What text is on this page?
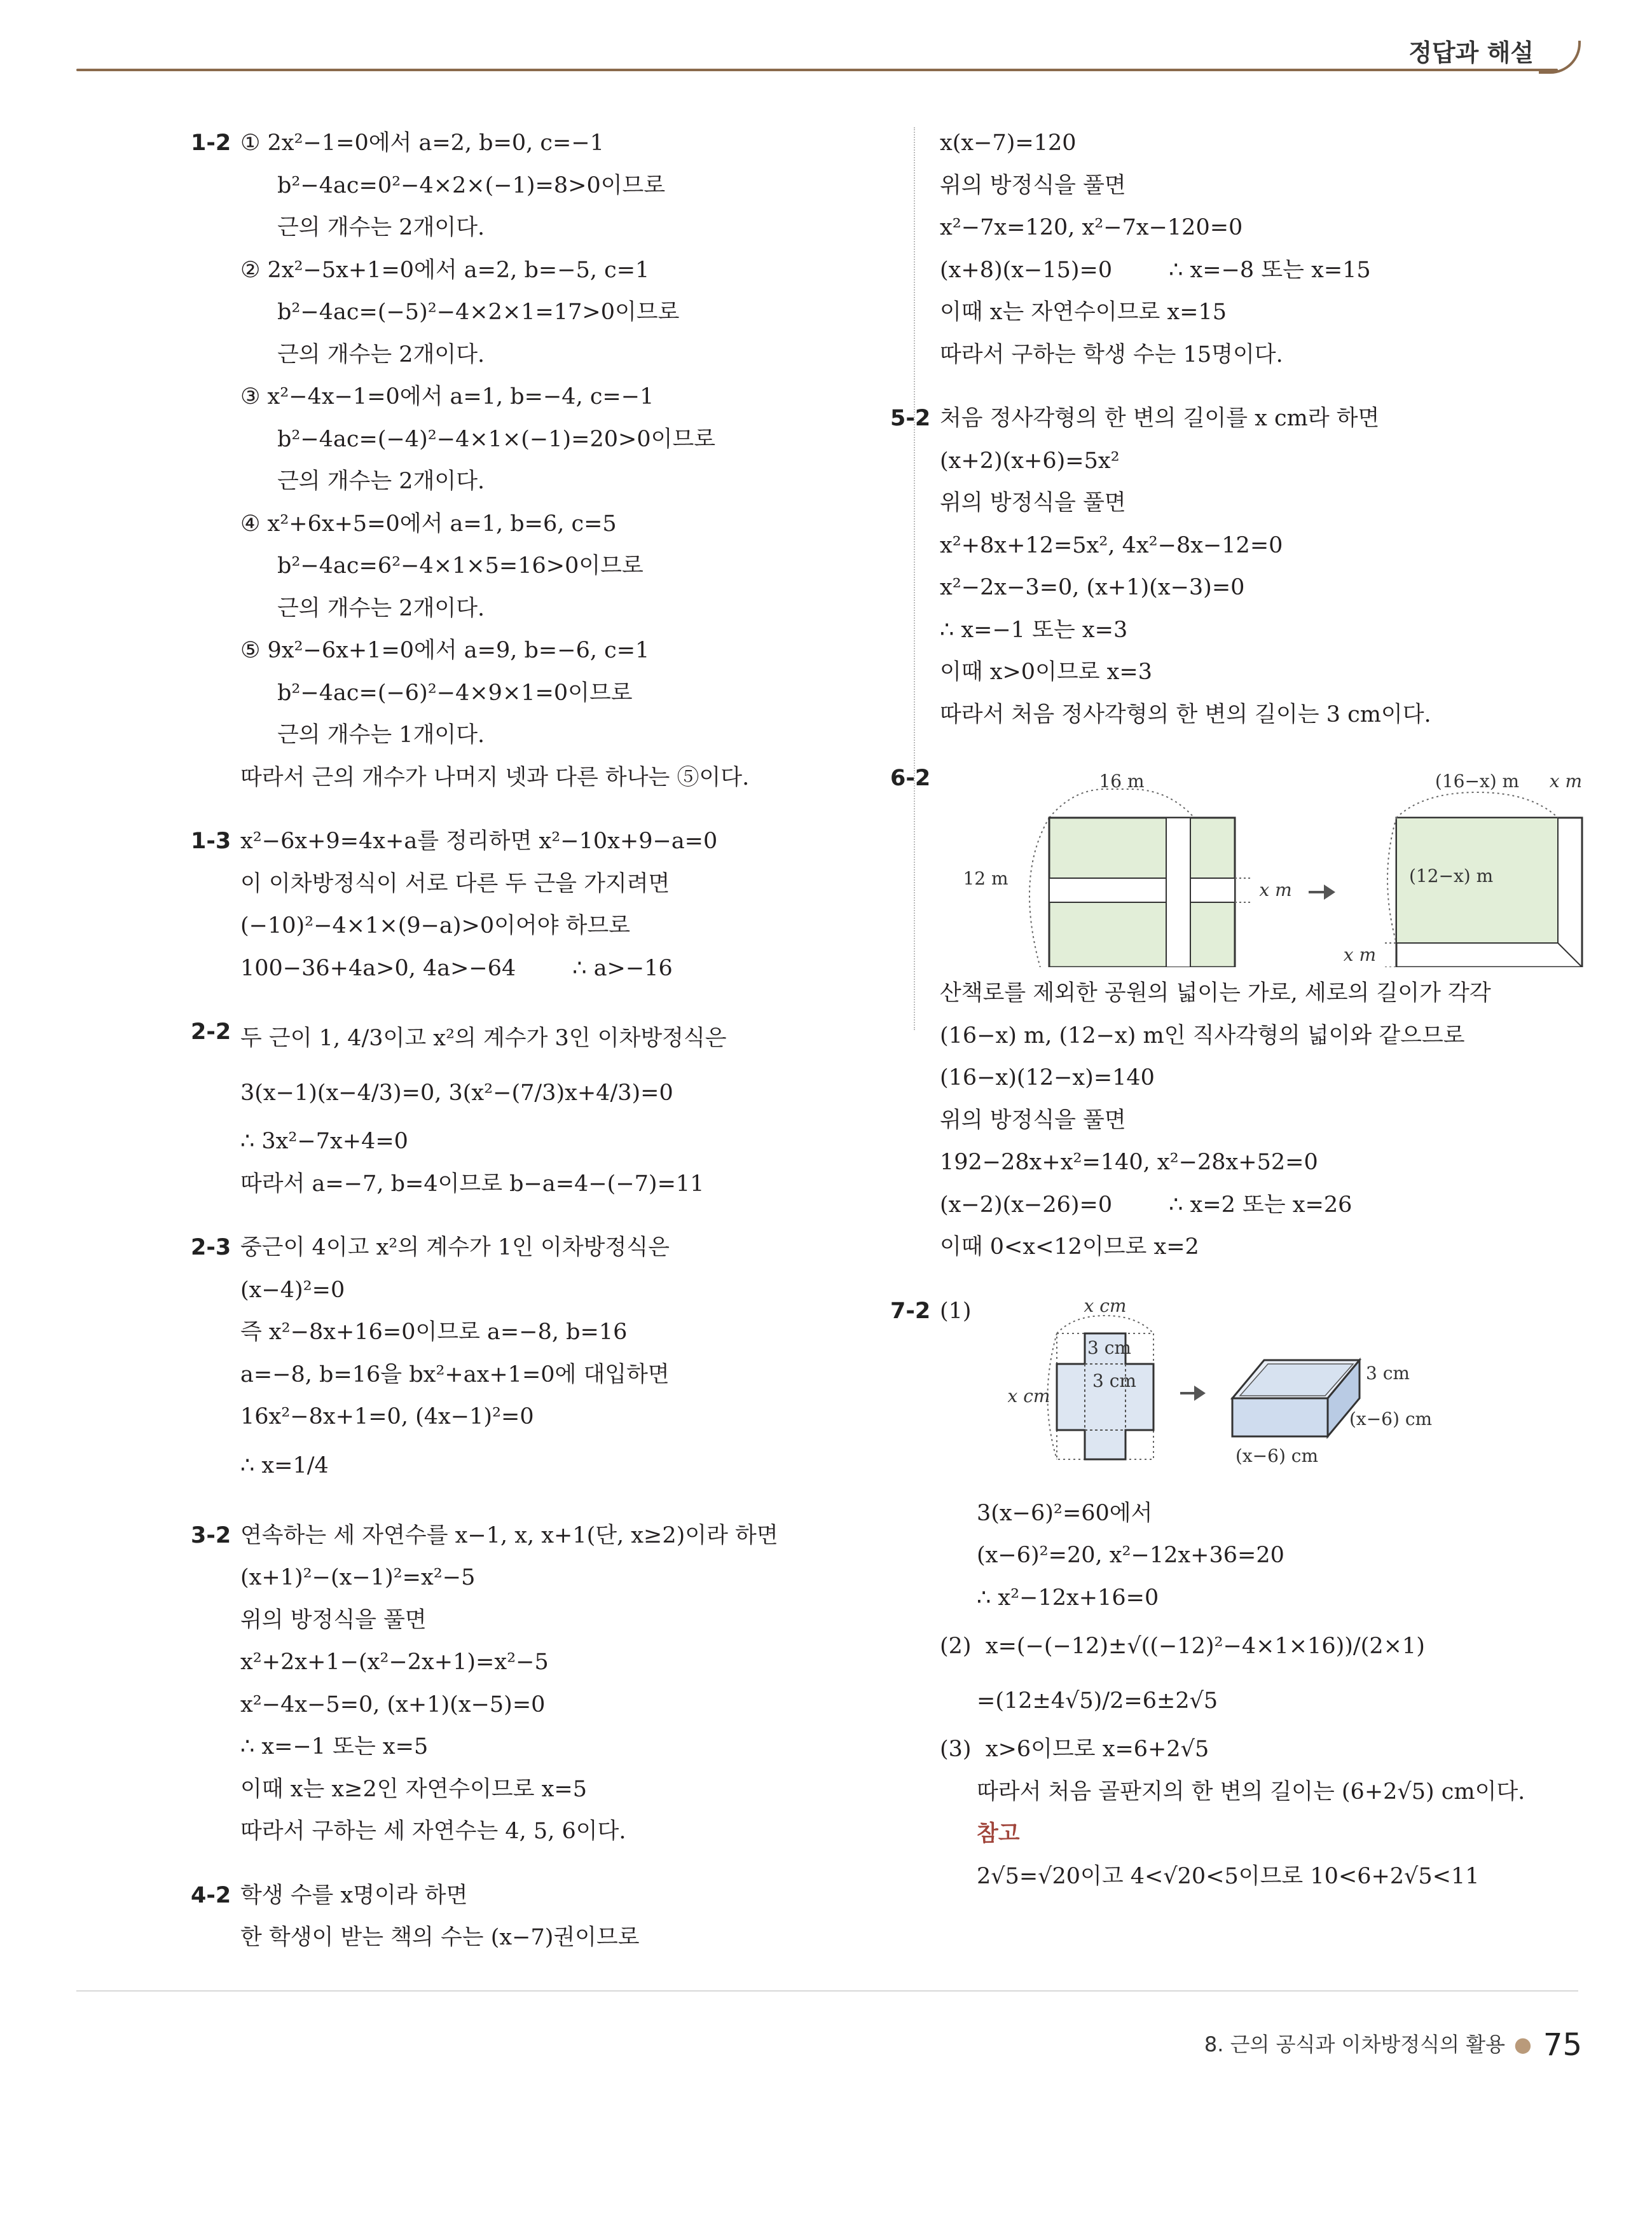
정답과 해설
1-2 ① 2x²−1=0에서 a=2, b=0, c=−1
b²−4ac=0²−4×2×(−1)=8>0이므로
근의 개수는 2개이다.
② 2x²−5x+1=0에서 a=2, b=−5, c=1
b²−4ac=(−5)²−4×2×1=17>0이므로
근의 개수는 2개이다.
③ x²−4x−1=0에서 a=1, b=−4, c=−1
b²−4ac=(−4)²−4×1×(−1)=20>0이므로
근의 개수는 2개이다.
④ x²+6x+5=0에서 a=1, b=6, c=5
b²−4ac=6²−4×1×5=16>0이므로
근의 개수는 2개이다.
⑤ 9x²−6x+1=0에서 a=9, b=−6, c=1
b²−4ac=(−6)²−4×9×1=0이므로
근의 개수는 1개이다.
따라서 근의 개수가 나머지 넷과 다른 하나는 ⑤이다.
1-3 x²−6x+9=4x+a를 정리하면 x²−10x+9−a=0
이 이차방정식이 서로 다른 두 근을 가지려면
(−10)²−4×1×(9−a)>0이어야 하므로
100−36+4a>0, 4a>−64        ∴ a>−16
2-2 두 근이 1, 4/3이고 x²의 계수가 3인 이차방정식은
3(x−1)(x−4/3)=0, 3(x²−(7/3)x+4/3)=0
∴ 3x²−7x+4=0
따라서 a=−7, b=4이므로 b−a=4−(−7)=11
2-3 중근이 4이고 x²의 계수가 1인 이차방정식은
(x−4)²=0
즉 x²−8x+16=0이므로 a=−8, b=16
a=−8, b=16을 bx²+ax+1=0에 대입하면
16x²−8x+1=0, (4x−1)²=0
∴ x=1/4
3-2 연속하는 세 자연수를 x−1, x, x+1(단, x≥2)이라 하면
(x+1)²−(x−1)²=x²−5
위의 방정식을 풀면
x²+2x+1−(x²−2x+1)=x²−5
x²−4x−5=0, (x+1)(x−5)=0
∴ x=−1 또는 x=5
이때 x는 x≥2인 자연수이므로 x=5
따라서 구하는 세 자연수는 4, 5, 6이다.
4-2 학생 수를 x명이라 하면
한 학생이 받는 책의 수는 (x−7)권이므로
x(x−7)=120
위의 방정식을 풀면
x²−7x=120, x²−7x−120=0
(x+8)(x−15)=0        ∴ x=−8 또는 x=15
이때 x는 자연수이므로 x=15
따라서 구하는 학생 수는 15명이다.
5-2 처음 정사각형의 한 변의 길이를 x cm라 하면
(x+2)(x+6)=5x²
위의 방정식을 풀면
x²+8x+12=5x², 4x²−8x−12=0
x²−2x−3=0, (x+1)(x−3)=0
∴ x=−1 또는 x=3
이때 x>0이므로 x=3
따라서 처음 정사각형의 한 변의 길이는 3 cm이다.
6-2	16 m
12 m
x m
(16−x) m x m
(12−x) m
x m
산책로를 제외한 공원의 넓이는 가로, 세로의 길이가 각각
(16−x) m, (12−x) m인 직사각형의 넓이와 같으므로
(16−x)(12−x)=140
위의 방정식을 풀면
192−28x+x²=140, x²−28x+52=0
(x−2)(x−26)=0        ∴ x=2 또는 x=26
이때 0<x<12이므로 x=2
7-2 (1)	x cm
3 cm
3 cm
x cm
3 cm
(x−6) cm
(x−6) cm
3(x−6)²=60에서
(x−6)²=20, x²−12x+36=20
∴ x²−12x+16=0
(2)  x=(−(−12)±√((−12)²−4×1×16))/(2×1)
=(12±4√5)/2=6±2√5
(3)  x>6이므로 x=6+2√5
따라서 처음 골판지의 한 변의 길이는 (6+2√5) cm이다.
참고
2√5=√20이고 4<√20<5이므로 10<6+2√5<11
8. 근의 공식과 이차방정식의 활용 ● 75
